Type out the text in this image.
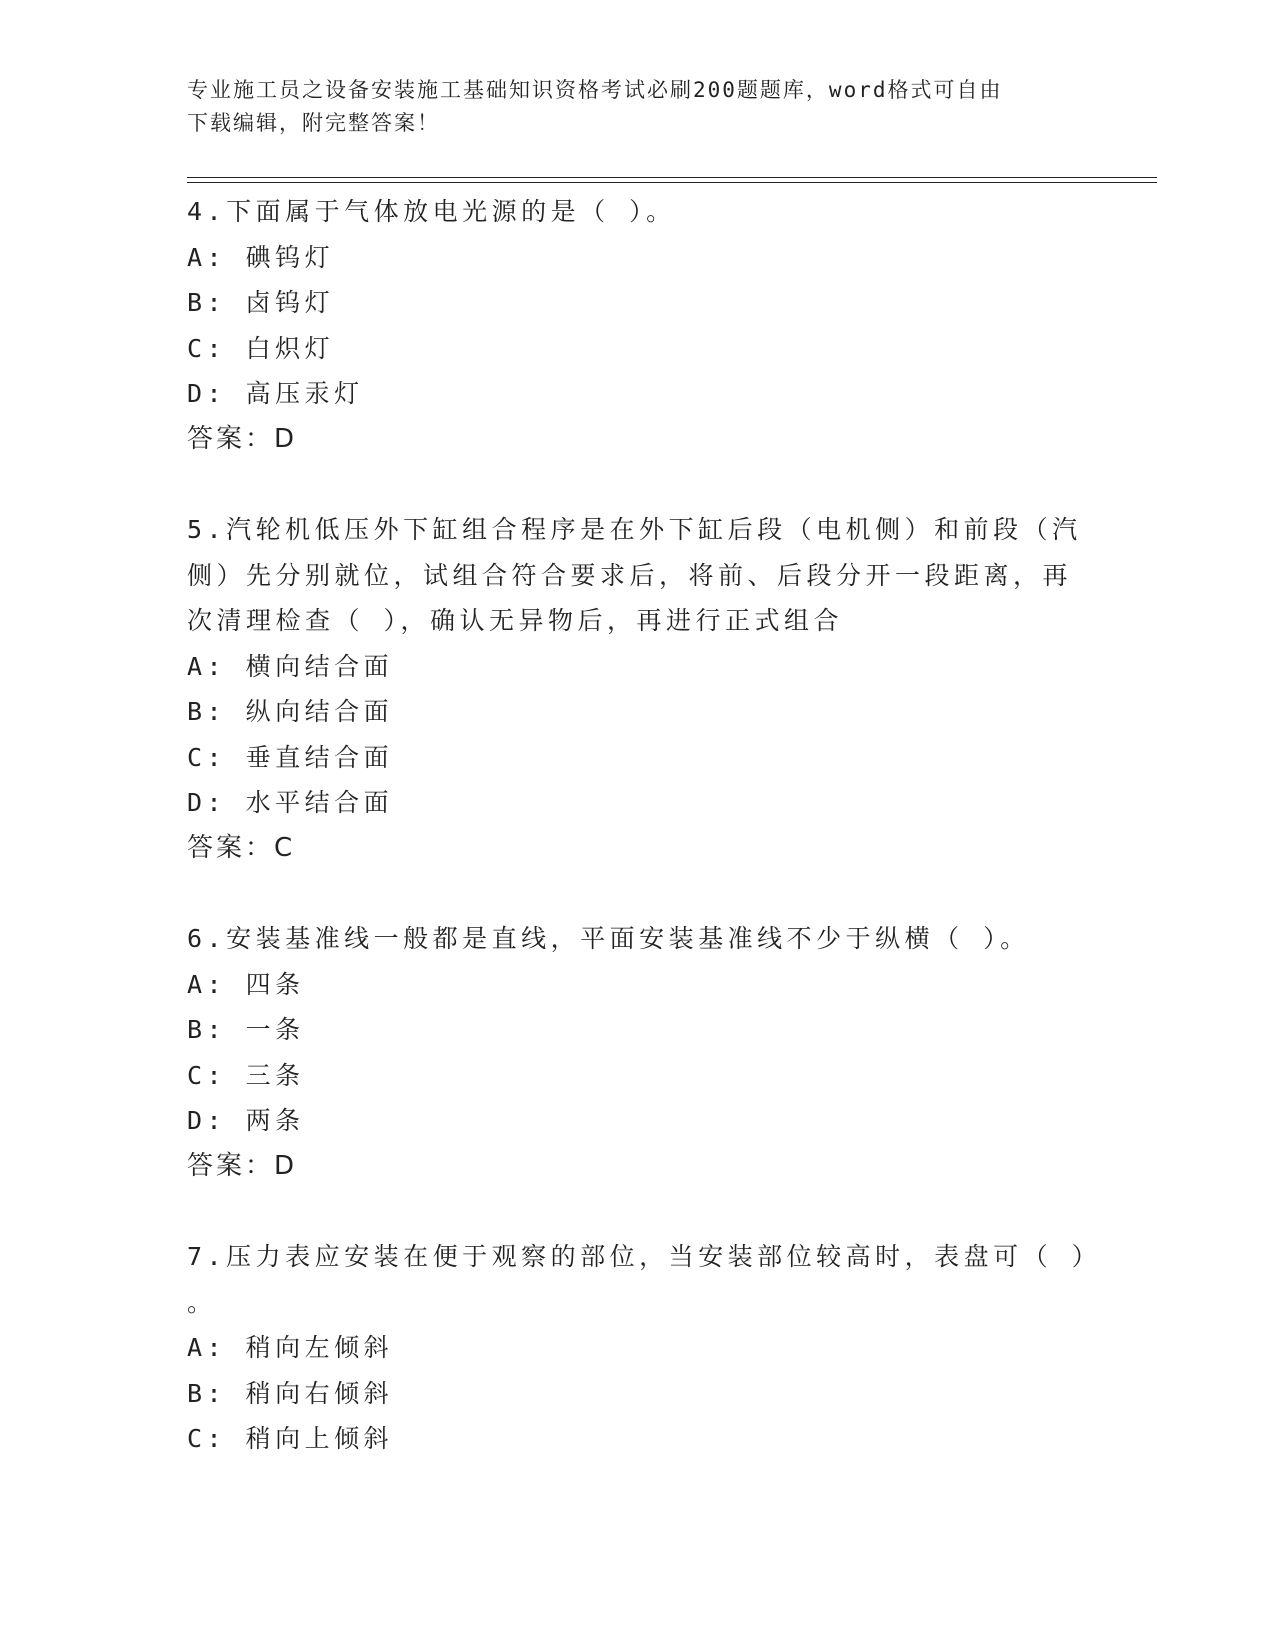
专业施工员之设备安装施工基础知识资格考试必刷200题题库，word格式可自由
下载编辑，附完整答案！
4.下面属于气体放电光源的是（ ）。
A: 碘钨灯
B: 卤钨灯
C: 白炽灯
D: 高压汞灯
答案：D
5.汽轮机低压外下缸组合程序是在外下缸后段（电机侧）和前段（汽
侧）先分别就位，试组合符合要求后，将前、后段分开一段距离，再
次清理检查（ ），确认无异物后，再进行正式组合
A: 横向结合面
B: 纵向结合面
C: 垂直结合面
D: 水平结合面
答案：C
6.安装基准线一般都是直线，平面安装基准线不少于纵横（ ）。
A: 四条
B: 一条
C: 三条
D: 两条
答案：D
7.压力表应安装在便于观察的部位，当安装部位较高时，表盘可（ ）
。
A: 稍向左倾斜
B: 稍向右倾斜
C: 稍向上倾斜
